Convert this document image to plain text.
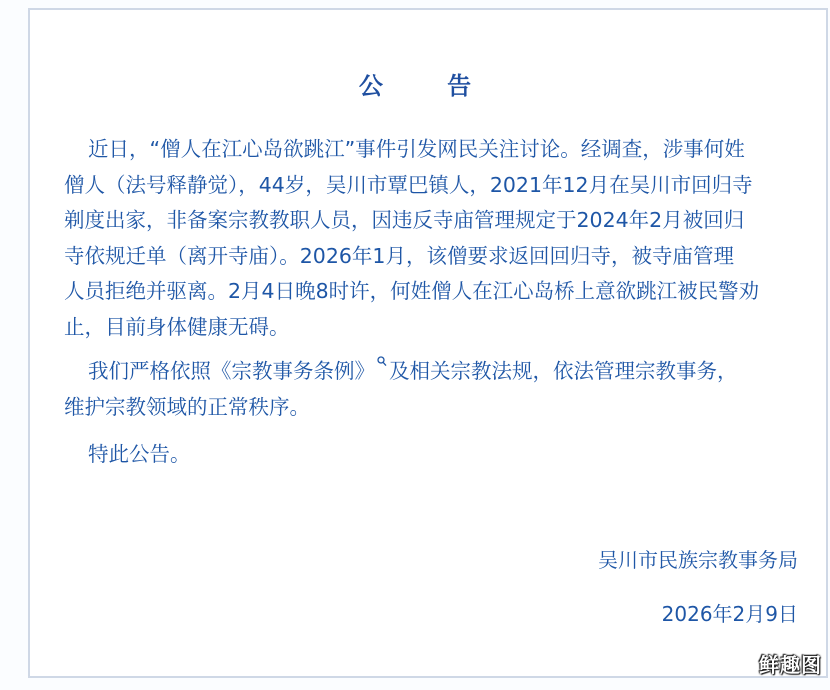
公 告
近日，“僧人在江心岛欲跳江”事件引发网民关注讨论。经调查，涉事何姓
僧人（法号释静觉），44岁，吴川市覃巴镇人，2021年12月在吴川市回归寺
剃度出家，非备案宗教教职人员，因违反寺庙管理规定于2024年2月被回归
寺依规迁单（离开寺庙）。2026年1月，该僧要求返回回归寺，被寺庙管理
人员拒绝并驱离。2月4日晚8时许，何姓僧人在江心岛桥上意欲跳江被民警劝
止，目前身体健康无碍。
我们严格依照《宗教事务条例》 及相关宗教法规，依法管理宗教事务，
维护宗教领域的正常秩序。
特此公告。
吴川市民族宗教事务局
2026年2月9日
鲜趣图
